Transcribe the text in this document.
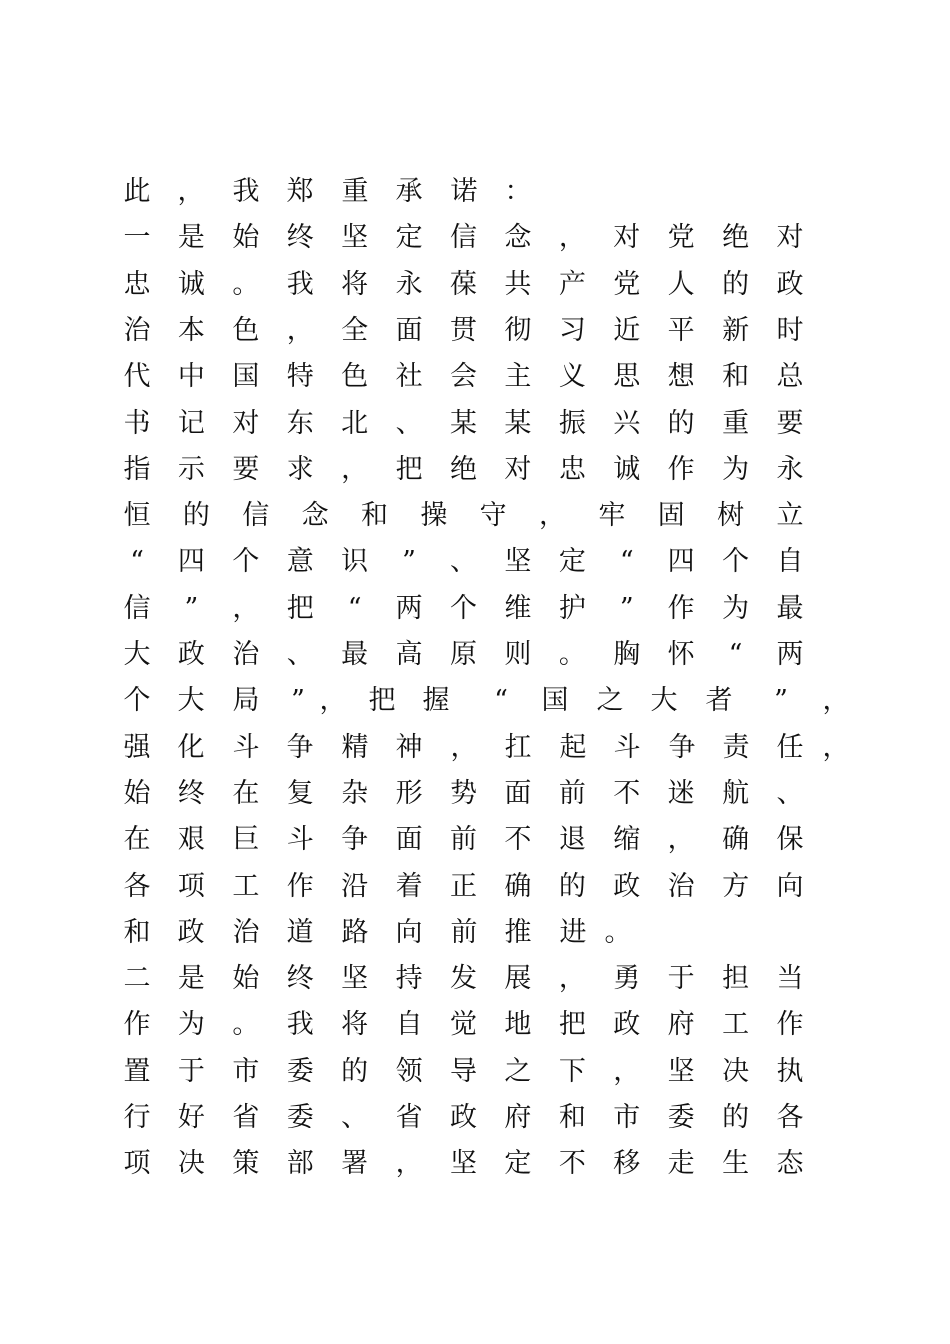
此 ， 我 郑 重 承 诺 ：
一 是 始 终 坚 定 信 念 ， 对 党 绝 对
忠 诚 。 我 将 永 葆 共 产 党 人 的 政
治 本 色 ， 全 面 贯 彻 习 近 平 新 时
代 中 国 特 色 社 会 主 义 思 想 和 总
书 记 对 东 北 、 某 某 振 兴 的 重 要
指 示 要 求 ， 把 绝 对 忠 诚 作 为 永
恒 的 信 念 和 操 守 ， 牢 固 树 立
“	四 个 意 识	”	、 坚 定	“	四 个 自
信	”	， 把	“	两 个 维 护	”	作 为 最
大 政 治 、 最 高 原 则 。 胸 怀	“	两
个 大 局	” ， 把 握	“	国 之 大 者	”	，
强 化 斗 争 精 神 ， 扛 起 斗 争 责 任 ，
始 终 在 复 杂 形 势 面 前 不 迷 航 、
在 艰 巨 斗 争 面 前 不 退 缩 ， 确 保
各 项 工 作 沿 着 正 确 的 政 治 方 向
和 政 治 道 路 向 前 推 进 。
二 是 始 终 坚 持 发 展 ， 勇 于 担 当
作 为 。 我 将 自 觉 地 把 政 府 工 作
置 于 市 委 的 领 导 之 下 ， 坚 决 执
行 好 省 委 、 省 政 府 和 市 委 的 各
项 决 策 部 署 ， 坚 定 不 移 走 生 态
